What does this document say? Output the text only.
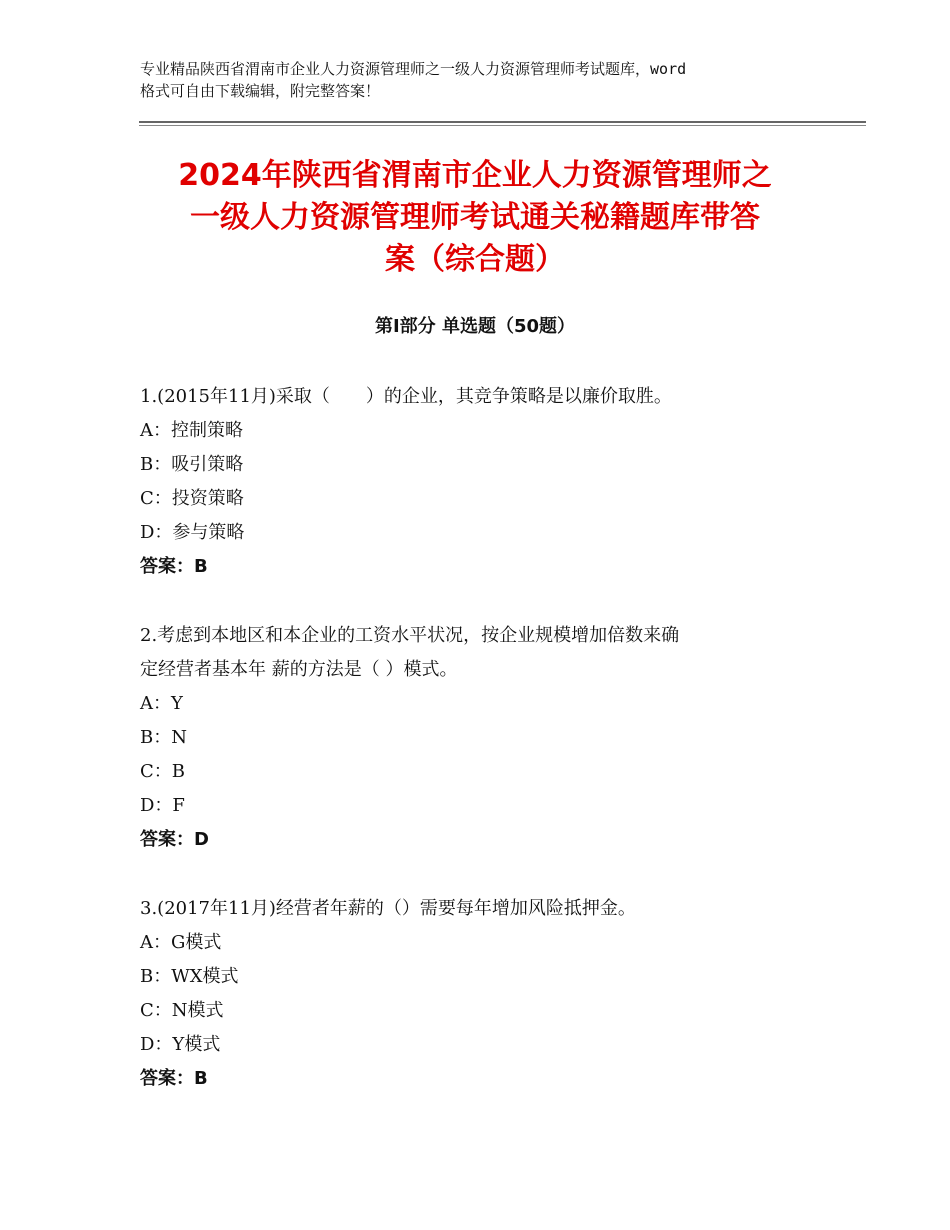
专业精品陕西省渭南市企业人力资源管理师之一级人力资源管理师考试题库，word
格式可自由下载编辑，附完整答案！
2024年陕西省渭南市企业人力资源管理师之
一级人力资源管理师考试通关秘籍题库带答
案（综合题）
第Ⅰ部分 单选题（50题）

1.(2015年11月)采取（　　）的企业，其竞争策略是以廉价取胜。

A：控制策略

B：吸引策略

C：投资策略

D：参与策略

答案：B

2.考虑到本地区和本企业的工资水平状况，按企业规模增加倍数来确

定经营者基本年 薪的方法是（ ）模式。

A：Y

B：N

C：B

D：F

答案：D

3.(2017年11月)经营者年薪的（）需要每年增加风险抵押金。

A：G模式

B：WX模式

C：N模式

D：Y模式

答案：B
